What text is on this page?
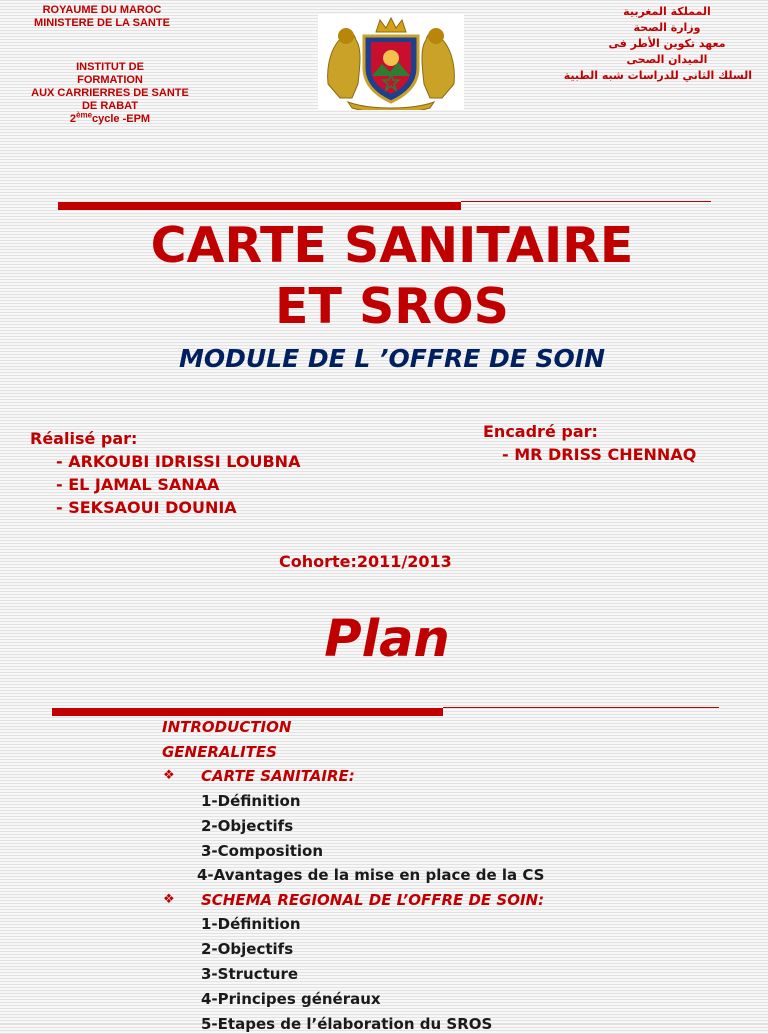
ROYAUME DU MAROC
MINISTERE DE LA SANTE
INSTITUT DE
FORMATION
AUX CARRIERRES DE SANTE
DE RABAT
2èmecycle -EPM
المملكة المغربية
وزارة الصحة
معهد تكوين الأطر فى
الميدان الصحى
السلك الثاني للدراسات شبه الطبية
CARTE SANITAIRE
ET SROS
MODULE DE L ’OFFRE DE SOIN
Réalisé par:
- ARKOUBI IDRISSI LOUBNA
- EL JAMAL SANAA
- SEKSAOUI DOUNIA
Encadré par:
- MR DRISS CHENNAQ
Cohorte:2011/2013
Plan
INTRODUCTION
GENERALITES
❖ CARTE SANITAIRE:
1-Définition
2-Objectifs
3-Composition
4-Avantages de la mise en place de la CS
❖ SCHEMA REGIONAL DE L’OFFRE DE SOIN:
1-Définition
2-Objectifs
3-Structure
4-Principes généraux
5-Etapes de l’élaboration du SROS
